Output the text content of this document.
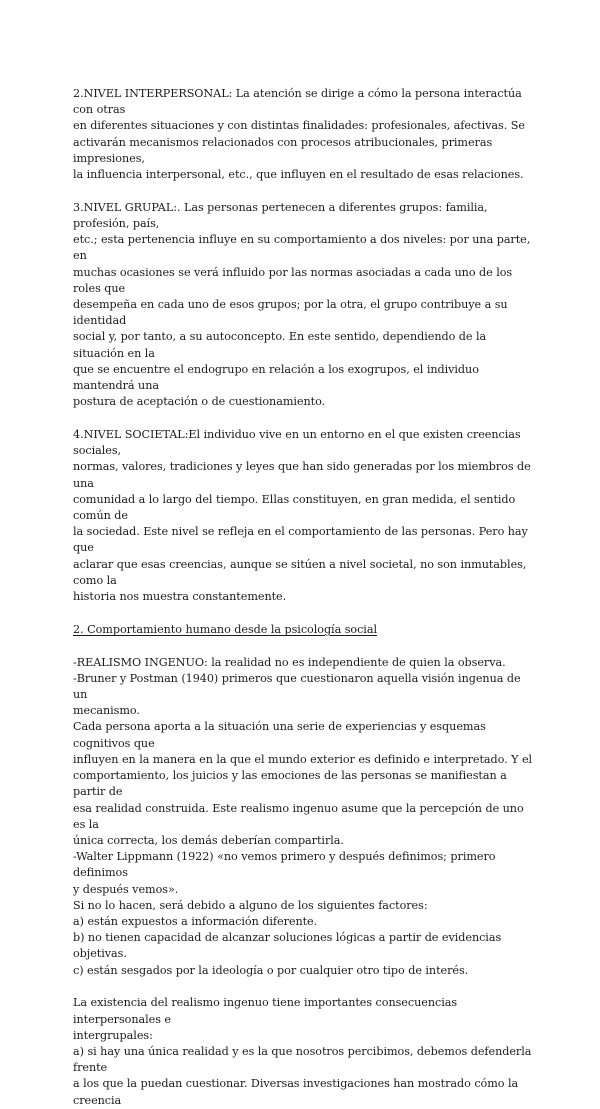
2.NIVEL INTERPERSONAL: La atención se dirige a cómo la persona interactúa con otras
en diferentes situaciones y con distintas finalidades: profesionales, afectivas. Se
activarán mecanismos relacionados con procesos atribucionales, primeras impresiones,
la influencia interpersonal, etc., que influyen en el resultado de esas relaciones.

3.NIVEL GRUPAL:. Las personas pertenecen a diferentes grupos: familia, profesión, país,
etc.; esta pertenencia influye en su comportamiento a dos niveles: por una parte, en
muchas ocasiones se verá influido por las normas asociadas a cada uno de los roles que
desempeña en cada uno de esos grupos; por la otra, el grupo contribuye a su identidad
social y, por tanto, a su autoconcepto. En este sentido, dependiendo de la situación en la
que se encuentre el endogrupo en relación a los exogrupos, el individuo mantendrá una
postura de aceptación o de cuestionamiento.

4.NIVEL SOCIETAL:El individuo vive en un entorno en el que existen creencias sociales,
normas, valores, tradiciones y leyes que han sido generadas por los miembros de una
comunidad a lo largo del tiempo. Ellas constituyen, en gran medida, el sentido común de
la sociedad. Este nivel se refleja en el comportamiento de las personas. Pero hay que
aclarar que esas creencias, aunque se sitúen a nivel societal, no son inmutables, como la
historia nos muestra constantemente.

2. Comportamiento humano desde la psicología social

-REALISMO INGENUO: la realidad no es independiente de quien la observa.
-Bruner y Postman (1940) primeros que cuestionaron aquella visión ingenua de un
mecanismo.
Cada persona aporta a la situación una serie de experiencias y esquemas cognitivos que
influyen en la manera en la que el mundo exterior es definido e interpretado. Y el
comportamiento, los juicios y las emociones de las personas se manifiestan a partir de
esa realidad construida. Este realismo ingenuo asume que la percepción de uno es la
única correcta, los demás deberían compartirla.
-Walter Lippmann (1922) «no vemos primero y después definimos; primero definimos
y después vemos».
Si no lo hacen, será debido a alguno de los siguientes factores:
a) están expuestos a información diferente.
b) no tienen capacidad de alcanzar soluciones lógicas a partir de evidencias objetivas.
c) están sesgados por la ideología o por cualquier otro tipo de interés.

La existencia del realismo ingenuo tiene importantes consecuencias interpersonales e
intergrupales:
a) si hay una única realidad y es la que nosotros percibimos, debemos defenderla frente
a los que la puedan cuestionar. Diversas investigaciones han mostrado cómo la creencia
